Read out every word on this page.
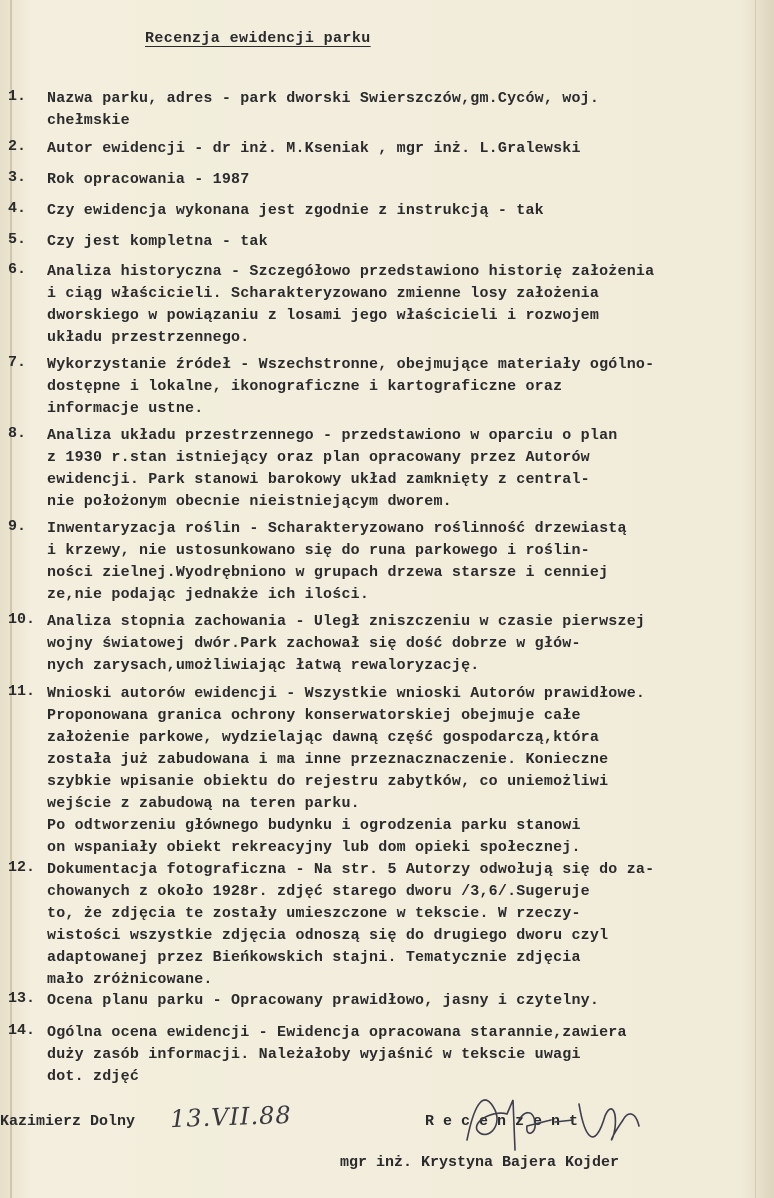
Recenzja ewidencji parku
1.	Nazwa parku, adres - park dworski Swierszczów,gm.Cyców, woj.
chełmskie
2.	Autor ewidencji - dr inż. M.Kseniak , mgr inż. L.Gralewski
3.	Rok opracowania - 1987
4.	Czy ewidencja wykonana jest zgodnie z instrukcją - tak
5.	Czy jest kompletna - tak
6.	Analiza historyczna - Szczegółowo przedstawiono historię założenia
i ciąg właścicieli. Scharakteryzowano zmienne losy założenia
dworskiego w powiązaniu z losami jego właścicieli i rozwojem
układu przestrzennego.
7.	Wykorzystanie źródeł - Wszechstronne, obejmujące materiały ogólno-
dostępne i lokalne, ikonograficzne i kartograficzne oraz
informacje ustne.
8.	Analiza układu przestrzennego - przedstawiono w oparciu o plan
z 1930 r.stan istniejący oraz plan opracowany przez Autorów
ewidencji. Park stanowi barokowy układ zamknięty z central-
nie położonym obecnie nieistniejącym dworem.
9.	Inwentaryzacja roślin - Scharakteryzowano roślinność drzewiastą
i krzewy, nie ustosunkowano się do runa parkowego i roślin-
ności zielnej.Wyodrębniono w grupach drzewa starsze i cenniej
ze,nie podając jednakże ich ilości.
10. Analiza stopnia zachowania - Uległ zniszczeniu w czasie pierwszej
wojny światowej dwór.Park zachował się dość dobrze w głów-
nych zarysach,umożliwiając łatwą rewaloryzację.
11. Wnioski autorów ewidencji - Wszystkie wnioski Autorów prawidłowe.
Proponowana granica ochrony konserwatorskiej obejmuje całe
założenie parkowe, wydzielając dawną część gospodarczą,która
została już zabudowana i ma inne przeznacznaczenie. Konieczne
szybkie wpisanie obiektu do rejestru zabytków, co uniemożliwi
wejście z zabudową na teren parku.
Po odtworzeniu głównego budynku i ogrodzenia parku stanowi
on wspaniały obiekt rekreacyjny lub dom opieki społecznej.
12. Dokumentacja fotograficzna - Na str. 5 Autorzy odwołują się do za-
chowanych z około 1928r. zdjęć starego dworu /3,6/.Sugeruje
to, że zdjęcia te zostały umieszczone w tekscie. W rzeczy-
wistości wszystkie zdjęcia odnoszą się do drugiego dworu czyl
adaptowanej przez Bieńkowskich stajni. Tematycznie zdjęcia
mało zróżnicowane.
13. Ocena planu parku - Opracowany prawidłowo, jasny i czytelny.
14. Ogólna ocena ewidencji - Ewidencja opracowana starannie,zawiera
duży zasób informacji. Należałoby wyjaśnić w tekscie uwagi
dot. zdjęć
Kazimierz Dolny 13.VII.88	Recenzent
mgr inż. Krystyna Bajera Kojder
